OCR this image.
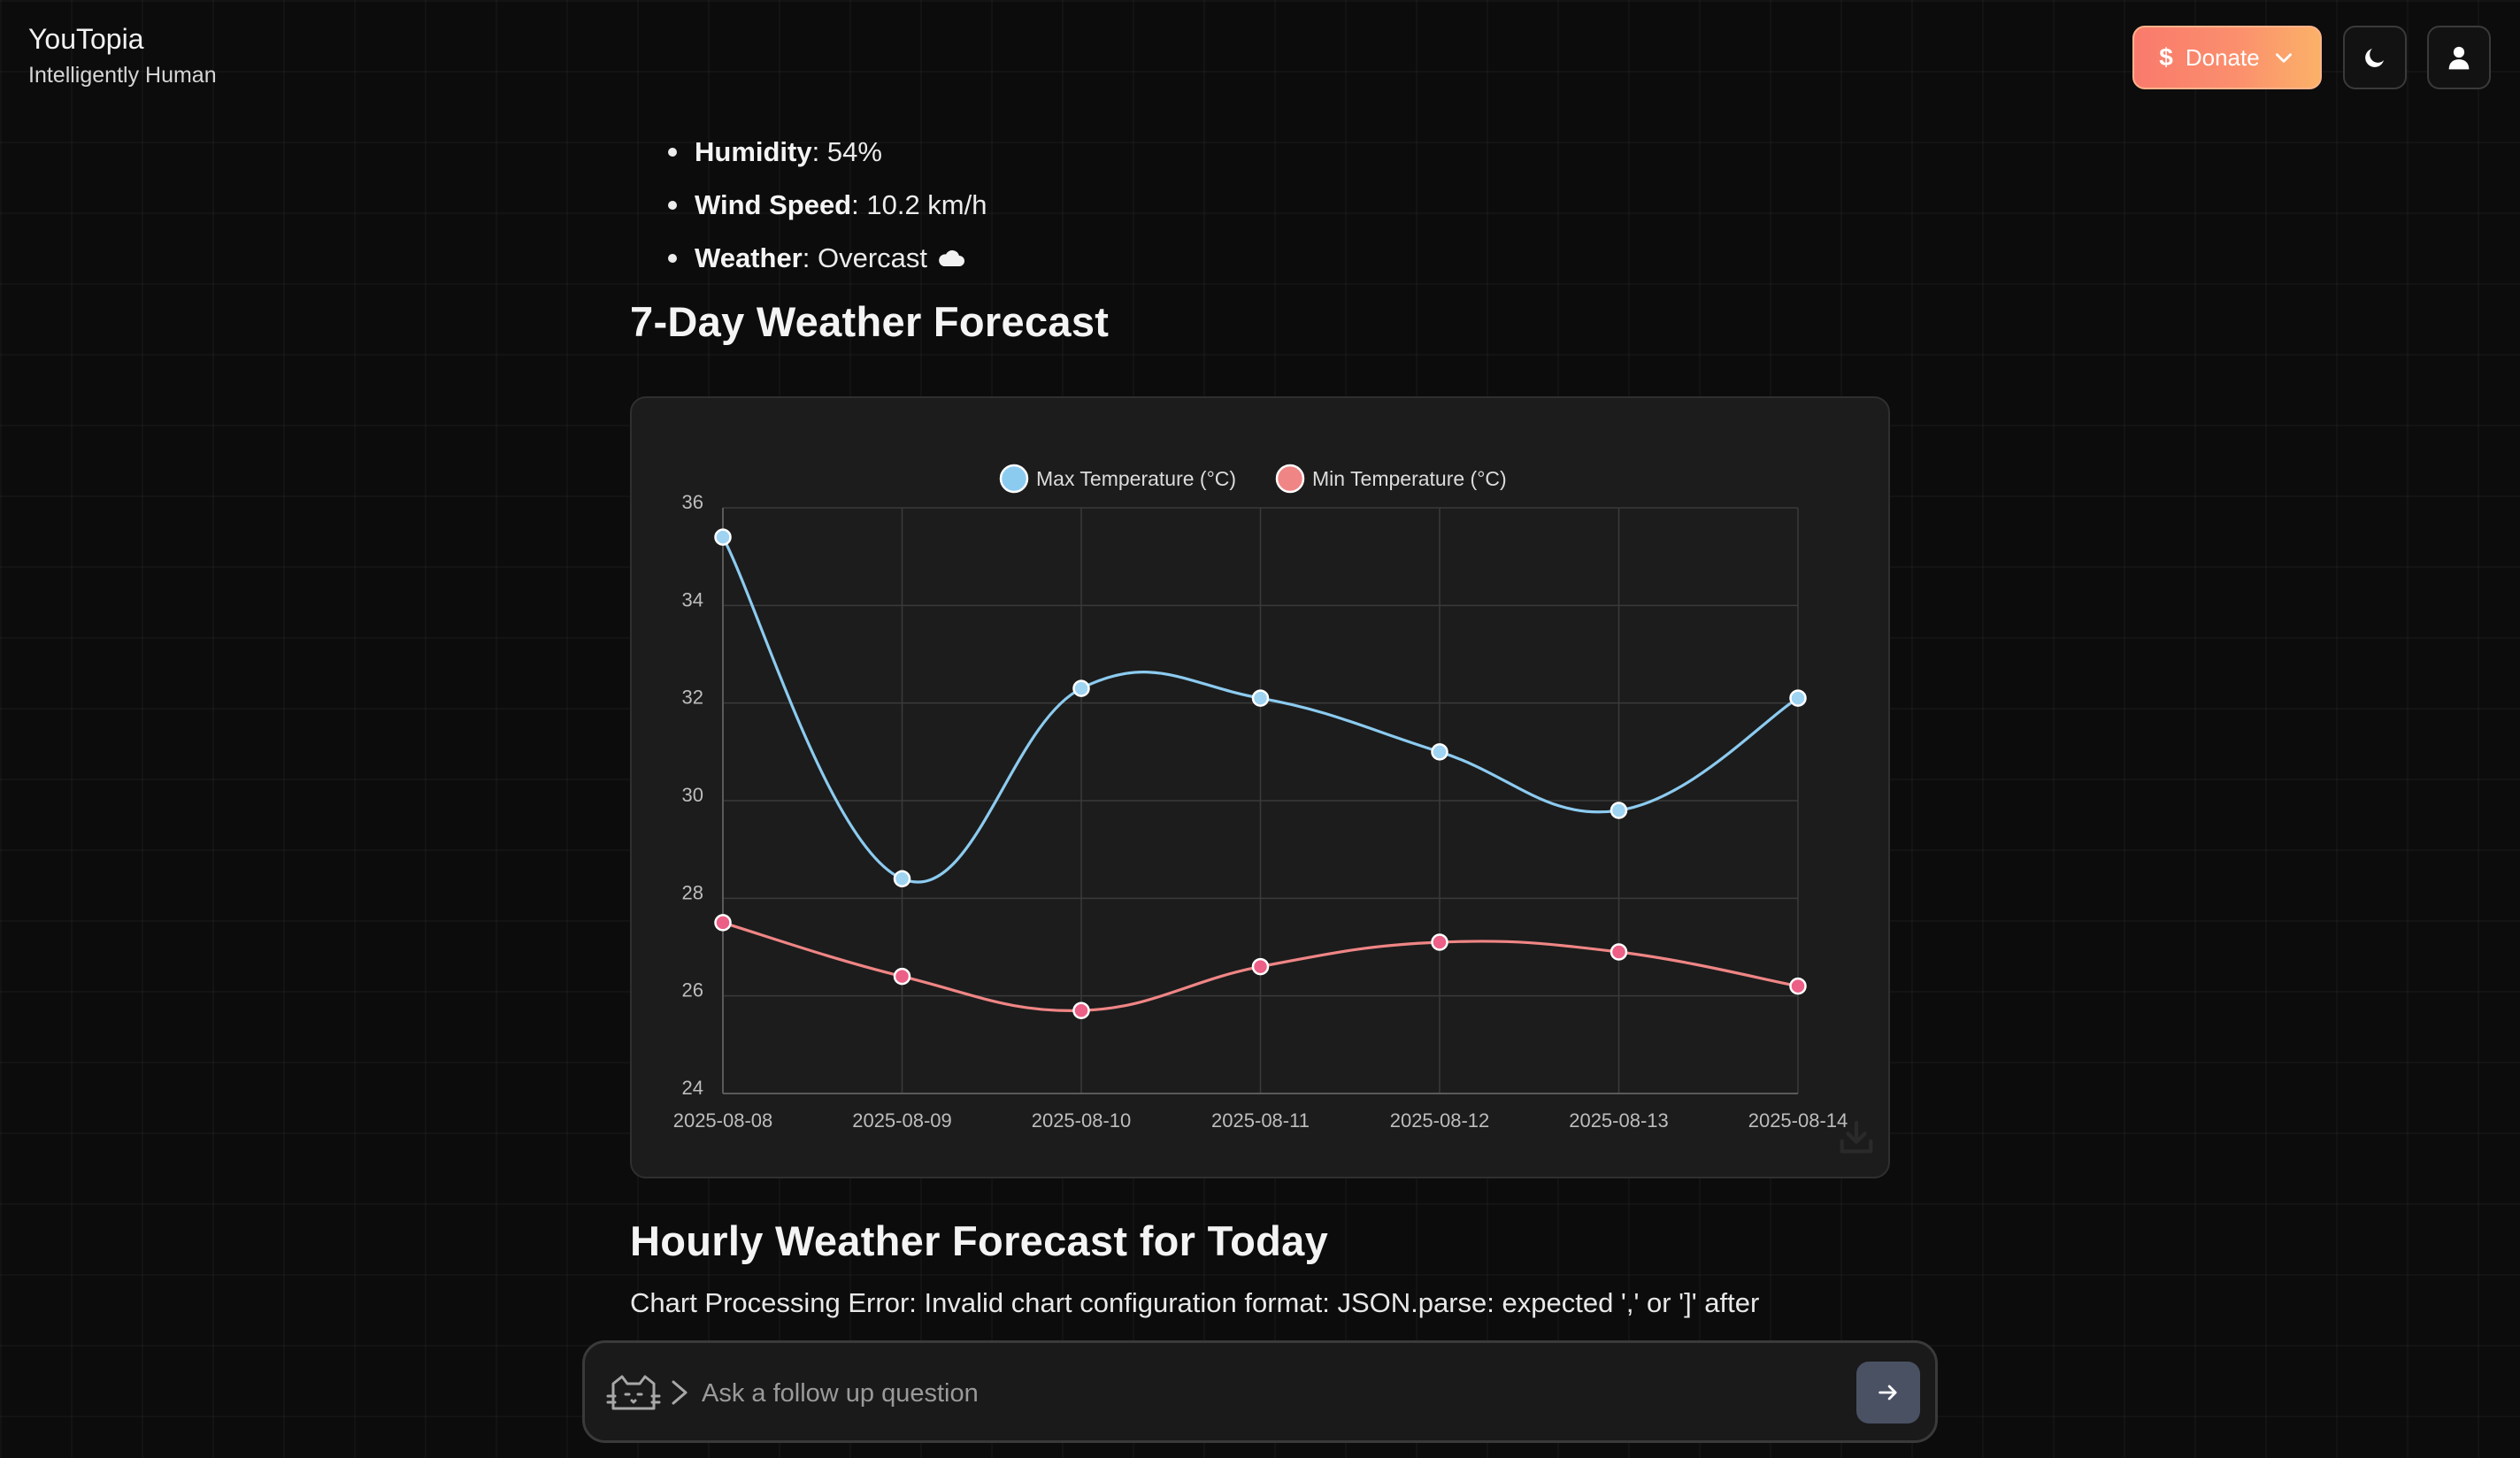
YouTopia
Intelligently Human
$ Donate
Humidity : 54%
Wind Speed : 10.2 km/h
Weather : Overcast
7-Day Weather Forecast
24
26
28
30
32
34
36
2025-08-08	2025-08-09	2025-08-10	2025-08-11	2025-08-12	2025-08-13	2025-08-14
Max Temperature (°C)	Min Temperature (°C)
Hourly Weather Forecast for Today
Chart Processing Error: Invalid chart configuration format: JSON.parse: expected ',' or ']' after
Ask a follow up question
